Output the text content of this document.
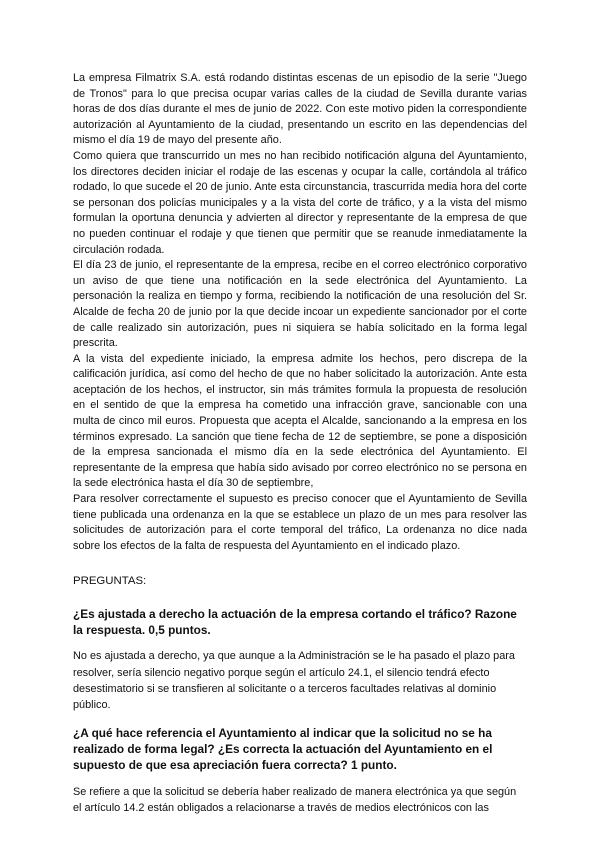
La empresa Filmatrix S.A. está rodando distintas escenas de un episodio de la serie "Juego de Tronos" para lo que precisa ocupar varias calles de la ciudad de Sevilla durante varias horas de dos días durante el mes de junio de 2022. Con este motivo piden la correspondiente autorización al Ayuntamiento de la ciudad, presentando un escrito en las dependencias del mismo el día 19 de mayo del presente año.

Como quiera que transcurrido un mes no han recibido notificación alguna del Ayuntamiento, los directores deciden iniciar el rodaje de las escenas y ocupar la calle, cortándola al tráfico rodado, lo que sucede el 20 de junio. Ante esta circunstancia, trascurrida media hora del corte se personan dos policías municipales y a la vista del corte de tráfico, y a la vista del mismo formulan la oportuna denuncia y advierten al director y representante de la empresa de que no pueden continuar el rodaje y que tienen que permitir que se reanude inmediatamente la circulación rodada.

El día 23 de junio, el representante de la empresa, recibe en el correo electrónico corporativo un aviso de que tiene una notificación en la sede electrónica del Ayuntamiento. La personación la realiza en tiempo y forma, recibiendo la notificación de una resolución del Sr. Alcalde de fecha 20 de junio por la que decide incoar un expediente sancionador por el corte de calle realizado sin autorización, pues ni siquiera se había solicitado en la forma legal prescrita.

A la vista del expediente iniciado, la empresa admite los hechos, pero discrepa de la calificación jurídica, así como del hecho de que no haber solicitado la autorización. Ante esta aceptación de los hechos, el instructor, sin más trámites formula la propuesta de resolución en el sentido de que la empresa ha cometido una infracción grave, sancionable con una multa de cinco mil euros. Propuesta que acepta el Alcalde, sancionando a la empresa en los términos expresado. La sanción que tiene fecha de 12 de septiembre, se pone a disposición de la empresa sancionada el mismo día en la sede electrónica del Ayuntamiento. El representante de la empresa que había sido avisado por correo electrónico no se persona en la sede electrónica hasta el día 30 de septiembre,

Para resolver correctamente el supuesto es preciso conocer que el Ayuntamiento de Sevilla tiene publicada una ordenanza en la que se establece un plazo de un mes para resolver las solicitudes de autorización para el corte temporal del tráfico, La ordenanza no dice nada sobre los efectos de la falta de respuesta del Ayuntamiento en el indicado plazo.

PREGUNTAS:

¿Es ajustada a derecho la actuación de la empresa cortando el tráfico? Razone la respuesta. 0,5 puntos.

No es ajustada a derecho, ya que aunque a la Administración se le ha pasado el plazo para resolver, sería silencio negativo porque según el artículo 24.1, el silencio tendrá efecto desestimatorio si se transfieren al solicitante o a terceros facultades relativas al dominio público.

¿A qué hace referencia el Ayuntamiento al indicar que la solicitud no se ha realizado de forma legal? ¿Es correcta la actuación del Ayuntamiento en el supuesto de que esa apreciación fuera correcta? 1 punto.

Se refiere a que la solicitud se debería haber realizado de manera electrónica ya que según el artículo 14.2 están obligados a relacionarse a través de medios electrónicos con las
